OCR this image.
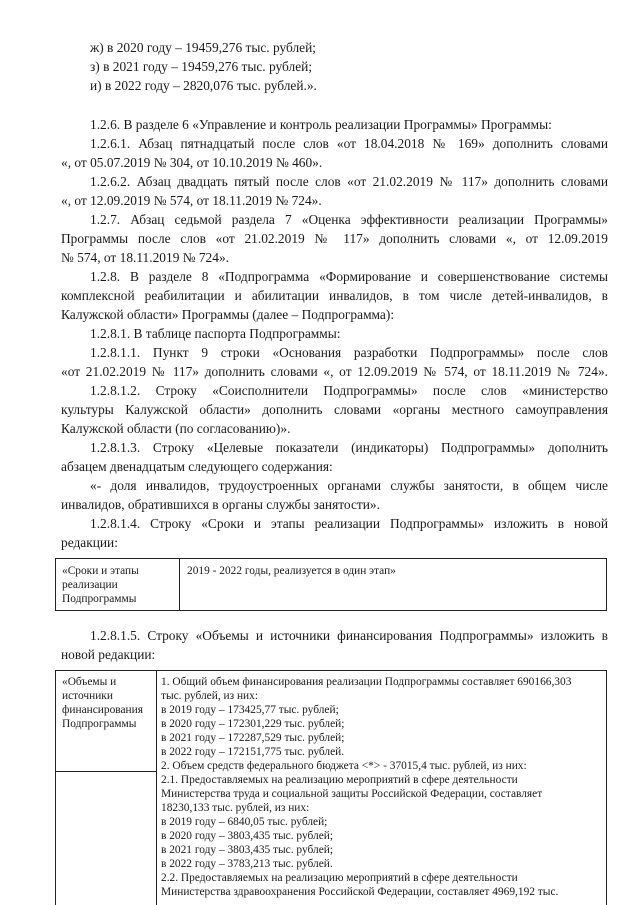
ж) в 2020 году – 19459,276 тыс. рублей;
з) в 2021 году – 19459,276 тыс. рублей;
и) в 2022 году – 2820,076 тыс. рублей.».
1.2.6. В разделе 6 «Управление и контроль реализации Программы» Программы:
1.2.6.1. Абзац пятнадцатый после слов «от 18.04.2018 № 169» дополнить словами
«, от 05.07.2019 № 304, от 10.10.2019 № 460».
1.2.6.2. Абзац двадцать пятый после слов «от 21.02.2019 № 117» дополнить словами
«, от 12.09.2019 № 574, от 18.11.2019 № 724».
1.2.7. Абзац седьмой раздела 7 «Оценка эффективности реализации Программы»
Программы после слов «от 21.02.2019 № 117» дополнить словами «, от 12.09.2019
№ 574, от 18.11.2019 № 724».
1.2.8. В разделе 8 «Подпрограмма «Формирование и совершенствование системы
комплексной реабилитации и абилитации инвалидов, в том числе детей-инвалидов, в
Калужской области» Программы (далее – Подпрограмма):
1.2.8.1. В таблице паспорта Подпрограммы:
1.2.8.1.1. Пункт 9 строки «Основания разработки Подпрограммы» после слов
«от 21.02.2019 № 117» дополнить словами «, от 12.09.2019 № 574, от 18.11.2019 № 724».
1.2.8.1.2. Строку «Соисполнители Подпрограммы» после слов «министерство
культуры Калужской области» дополнить словами «органы местного самоуправления
Калужской области (по согласованию)».
1.2.8.1.3. Строку «Целевые показатели (индикаторы) Подпрограммы» дополнить
абзацем двенадцатым следующего содержания:
«- доля инвалидов, трудоустроенных органами службы занятости, в общем числе
инвалидов, обратившихся в органы службы занятости».
1.2.8.1.4. Строку «Сроки и этапы реализации Подпрограммы» изложить в новой
редакции:
«Сроки и этапы
реализации
Подпрограммы
2019 - 2022 годы, реализуется в один этап»
1.2.8.1.5. Строку «Объемы и источники финансирования Подпрограммы» изложить в
новой редакции:
«Объемы и
источники
финансирования
Подпрограммы
1. Общий объем финансирования реализации Подпрограммы составляет 690166,303
тыс. рублей, из них:
в 2019 году – 173425,77 тыс. рублей;
в 2020 году – 172301,229 тыс. рублей;
в 2021 году – 172287,529 тыс. рублей;
в 2022 году – 172151,775 тыс. рублей.
2. Объем средств федерального бюджета <*> - 37015,4 тыс. рублей, из них:
2.1. Предоставляемых на реализацию мероприятий в сфере деятельности
Министерства труда и социальной защиты Российской Федерации, составляет
18230,133 тыс. рублей, из них:
в 2019 году – 6840,05 тыс. рублей;
в 2020 году – 3803,435 тыс. рублей;
в 2021 году – 3803,435 тыс. рублей;
в 2022 году – 3783,213 тыс. рублей.
2.2. Предоставляемых на реализацию мероприятий в сфере деятельности
Министерства здравоохранения Российской Федерации, составляет 4969,192 тыс.
